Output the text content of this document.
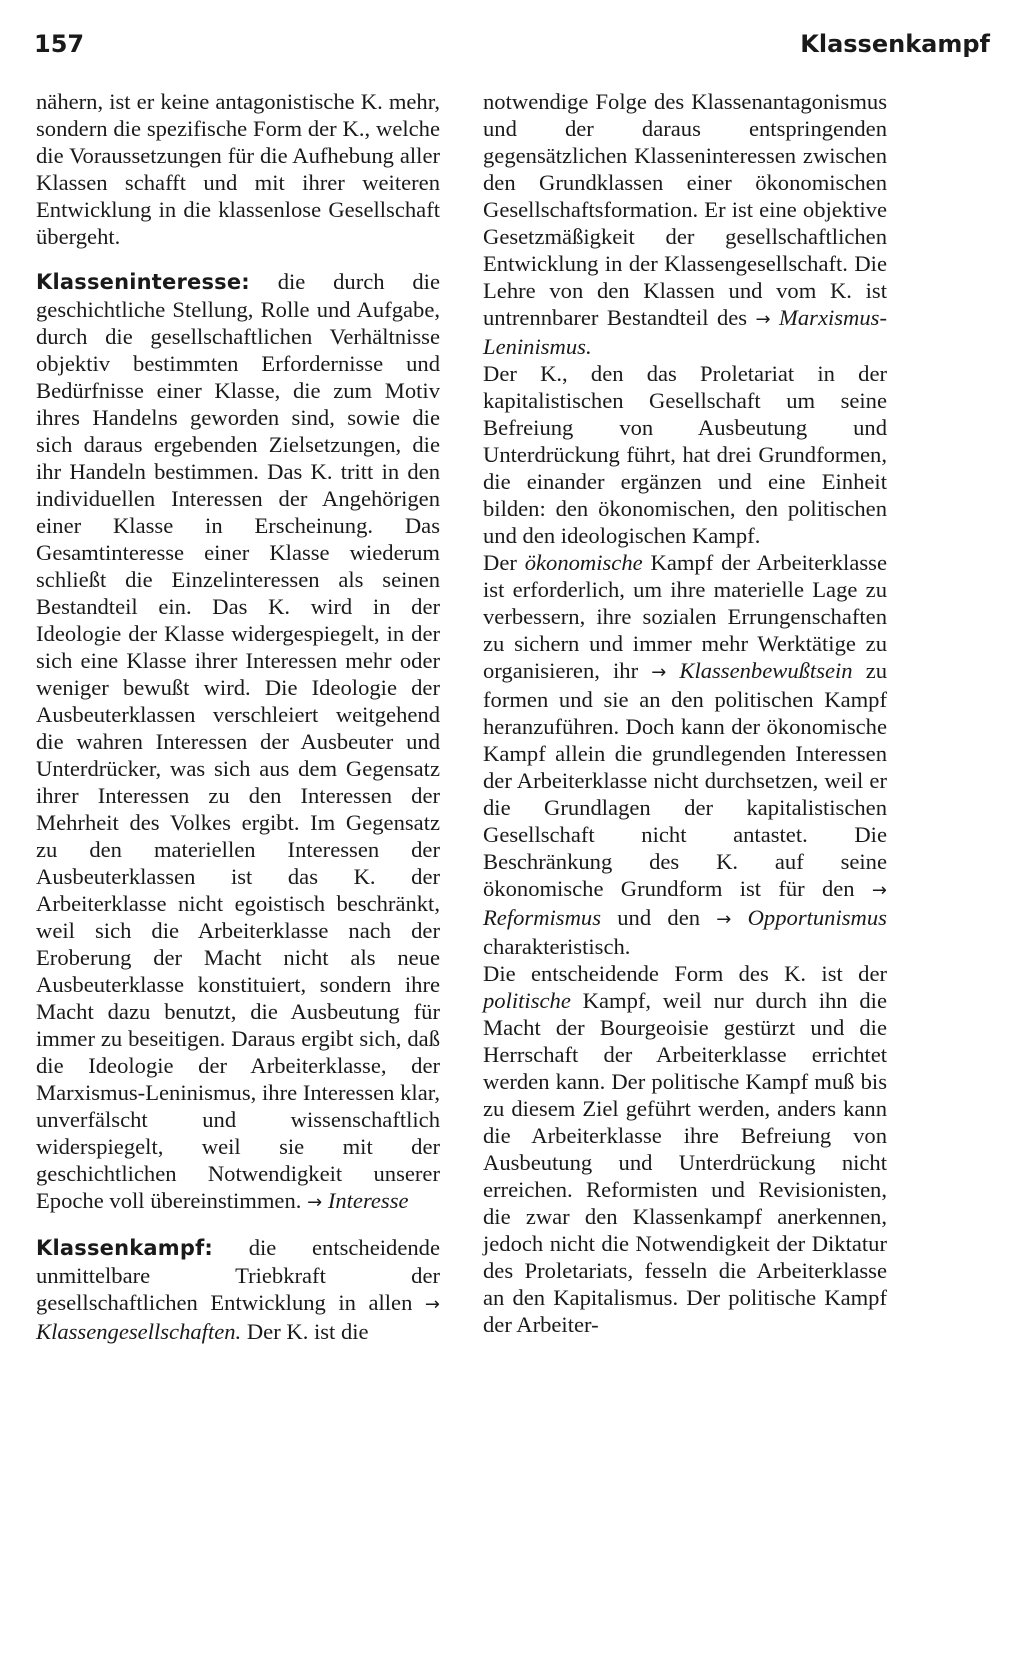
157	Klassenkampf

nähern, ist er keine antagonistische K. mehr, sondern die spezifische Form der K., welche die Voraussetzungen für die Aufhebung aller Klassen schafft und mit ihrer weiteren Entwicklung in die klassenlose Gesellschaft übergeht.

Klasseninteresse: die durch die geschichtliche Stellung, Rolle und Aufgabe, durch die gesellschaftlichen Verhältnisse objektiv bestimmten Erfordernisse und Bedürfnisse einer Klasse, die zum Motiv ihres Handelns geworden sind, sowie die sich daraus ergebenden Zielsetzungen, die ihr Handeln bestimmen. Das K. tritt in den individuellen Interessen der Angehörigen einer Klasse in Erscheinung. Das Gesamtinteresse einer Klasse wiederum schließt die Einzelinteressen als seinen Bestandteil ein. Das K. wird in der Ideologie der Klasse widergespiegelt, in der sich eine Klasse ihrer Interessen mehr oder weniger bewußt wird. Die Ideologie der Ausbeuterklassen verschleiert weitgehend die wahren Interessen der Ausbeuter und Unterdrücker, was sich aus dem Gegensatz ihrer Interessen zu den Interessen der Mehrheit des Volkes ergibt. Im Gegensatz zu den materiellen Interessen der Ausbeuterklassen ist das K. der Arbeiterklasse nicht egoistisch beschränkt, weil sich die Arbeiterklasse nach der Eroberung der Macht nicht als neue Ausbeuterklasse konstituiert, sondern ihre Macht dazu benutzt, die Ausbeutung für immer zu beseitigen. Daraus ergibt sich, daß die Ideologie der Arbeiterklasse, der Marxismus-Leninismus, ihre Interessen klar, unverfälscht und wissenschaftlich widerspiegelt, weil sie mit der geschichtlichen Notwendigkeit unserer Epoche voll übereinstimmen. → Interesse

Klassenkampf: die entscheidende unmittelbare Triebkraft der gesellschaftlichen Entwicklung in allen → Klassengesellschaften. Der K. ist die

notwendige Folge des Klassenantagonismus und der daraus entspringenden gegensätzlichen Klasseninteressen zwischen den Grundklassen einer ökonomischen Gesellschaftsformation. Er ist eine objektive Gesetzmäßigkeit der gesellschaftlichen Entwicklung in der Klassengesellschaft. Die Lehre von den Klassen und vom K. ist untrennbarer Bestandteil des → Marxismus-Leninismus.

Der K., den das Proletariat in der kapitalistischen Gesellschaft um seine Befreiung von Ausbeutung und Unterdrückung führt, hat drei Grundformen, die einander ergänzen und eine Einheit bilden: den ökonomischen, den politischen und den ideologischen Kampf.

Der ökonomische Kampf der Arbeiterklasse ist erforderlich, um ihre materielle Lage zu verbessern, ihre sozialen Errungenschaften zu sichern und immer mehr Werktätige zu organisieren, ihr → Klassenbewußtsein zu formen und sie an den politischen Kampf heranzuführen. Doch kann der ökonomische Kampf allein die grundlegenden Interessen der Arbeiterklasse nicht durchsetzen, weil er die Grundlagen der kapitalistischen Gesellschaft nicht antastet. Die Beschränkung des K. auf seine ökonomische Grundform ist für den → Reformismus und den → Opportunismus charakteristisch.

Die entscheidende Form des K. ist der politische Kampf, weil nur durch ihn die Macht der Bourgeoisie gestürzt und die Herrschaft der Arbeiterklasse errichtet werden kann. Der politische Kampf muß bis zu diesem Ziel geführt werden, anders kann die Arbeiterklasse ihre Befreiung von Ausbeutung und Unterdrückung nicht erreichen. Reformisten und Revisionisten, die zwar den Klassenkampf anerkennen, jedoch nicht die Notwendigkeit der Diktatur des Proletariats, fesseln die Arbeiterklasse an den Kapitalismus. Der politische Kampf der Arbeiter-
